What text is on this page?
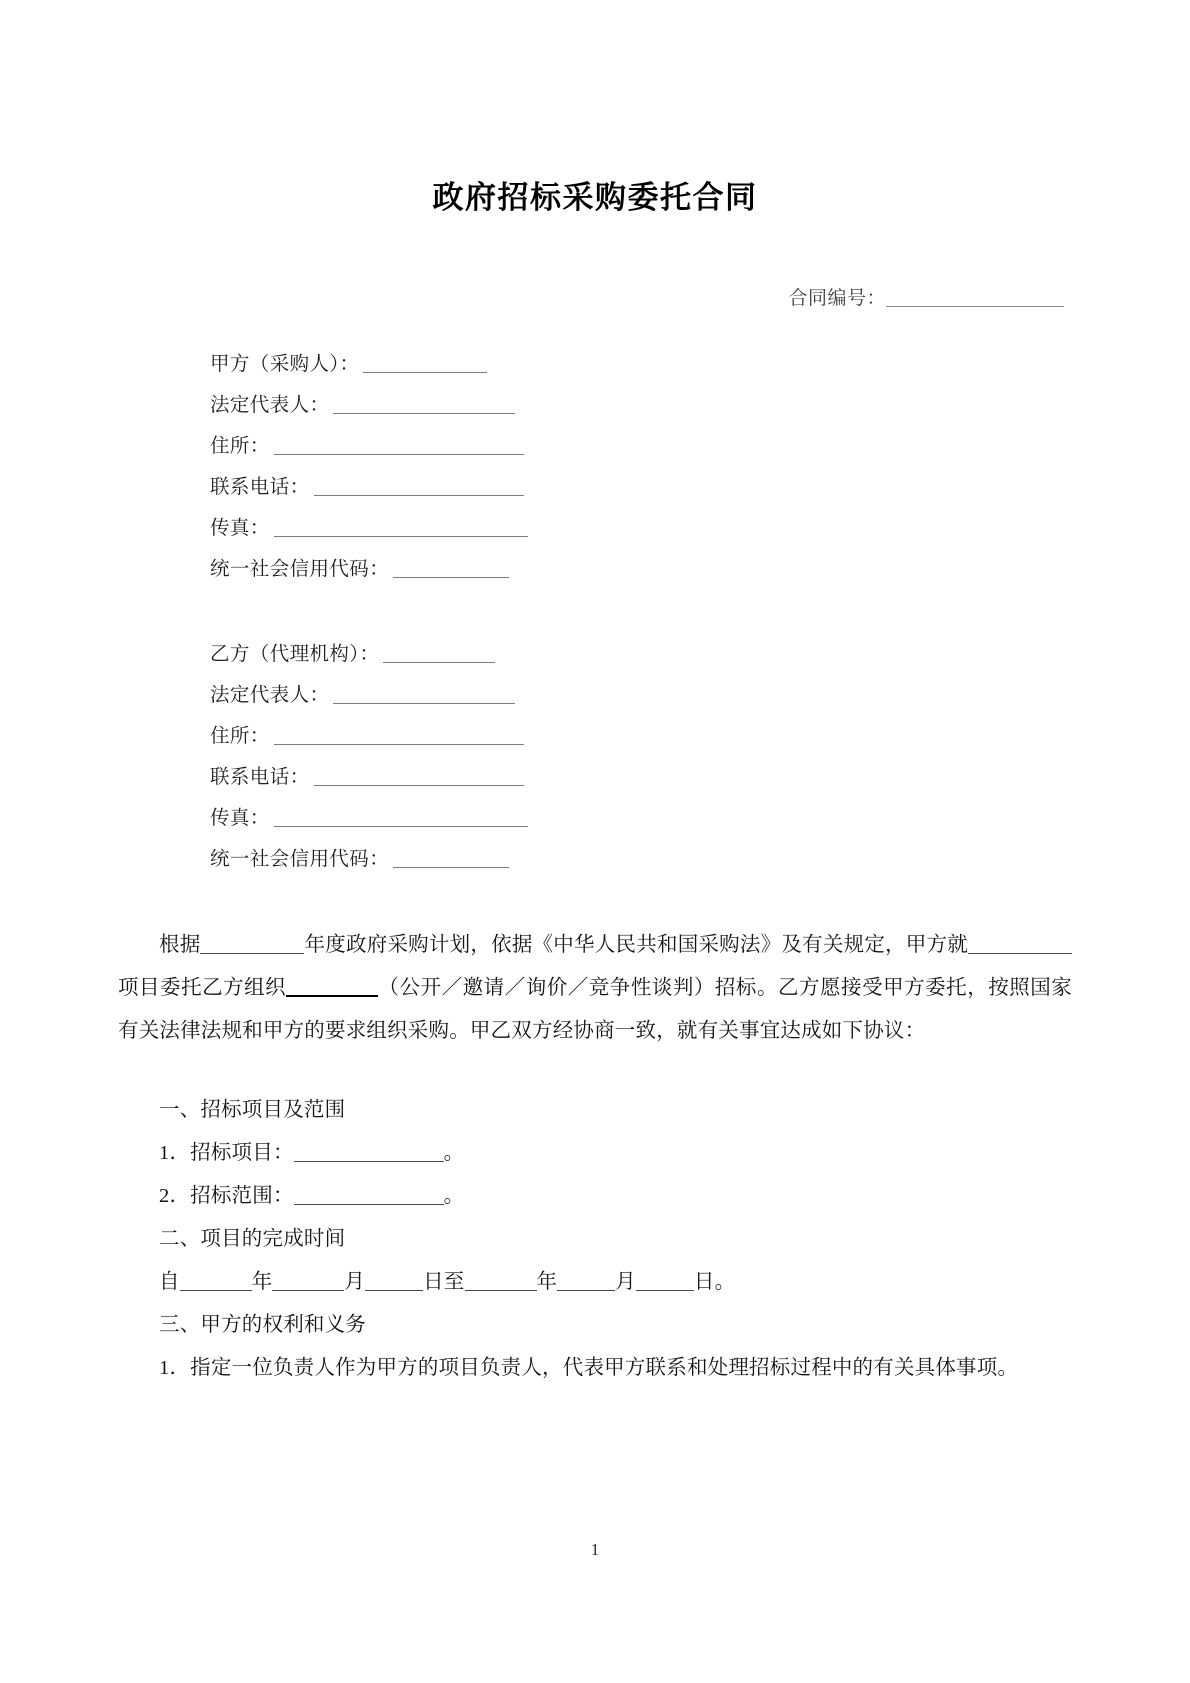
政府招标采购委托合同
合同编号：
甲方（采购人）：
法定代表人：
住所：
联系电话：
传真：
统一社会信用代码：
乙方（代理机构）：
法定代表人：
住所：
联系电话：
传真：
统一社会信用代码：

根据	年度政府采购计划，依据《中华人民共和国采购法》及有关规定，甲方就项目委托乙方组织	（公开／邀请／询价／竞争性谈判）招标。乙方愿接受甲方委托，按照国家有关法律法规和甲方的要求组织采购。甲乙双方经协商一致，就有关事宜达成如下协议：

一、招标项目及范围
1．招标项目：	。
2．招标范围：	。
二、项目的完成时间
自	年	月	日至	年	月	日。
三、甲方的权利和义务
1．指定一位负责人作为甲方的项目负责人，代表甲方联系和处理招标过程中的有关具体事项。
1
